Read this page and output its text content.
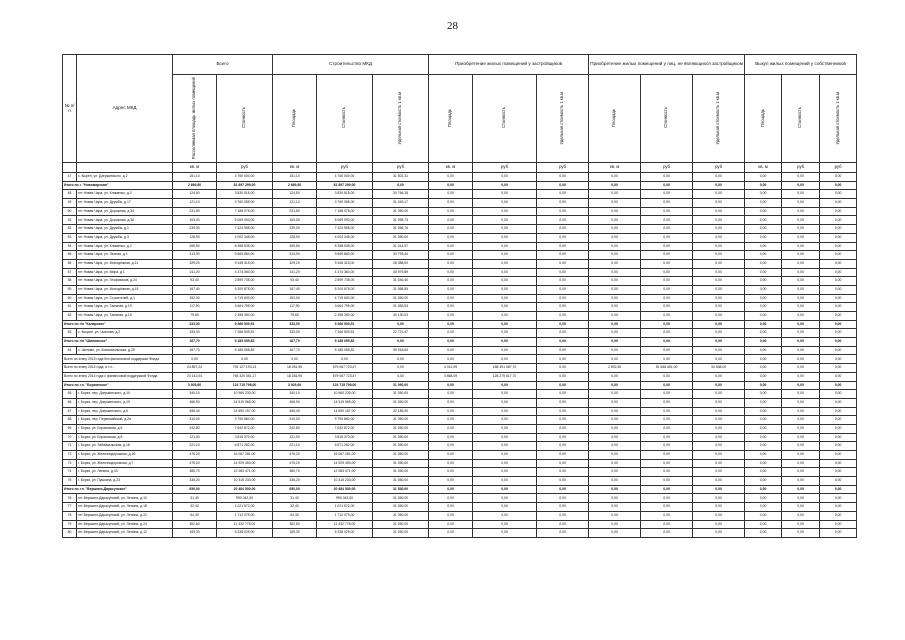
28
№ п/п	Адрес МКД	Всего		Строительство МКД			Приобретение жилых помещений у застройщиков			Приобретение жилых помещений у лиц, не являющихся застройщиком			Выкуп жилых помещений у собственников		
		Расселяемая площадь жилых помещений	Стоимость	Площадь	Стоимость	Удельная стоимость 1 кв.м	Площадь	Стоимость	Удельная стоимость 1 кв.м	Площадь	Стоимость	Удельная стоимость 1 кв.м	Площадь	Стоимость	Удельная стоимость 1 кв.м
		кв. м	руб	кв. м	руб	руб	кв. м	руб	руб	кв. м	руб	руб	кв. м	руб	руб
47	с. Кырен, ул. Дзержинского, д.2	151,10	4 760 000,00	151,10	4 760 000,00	31 502,31	0,00	0,00	0,00	0,00	0,00	0,00	0,00	0,00	0,00
Итого по г. "Новомирская"		2 669,80	81 897 299,00	2 669,80	81 897 299,00	0,00	0,00	0,00	0,00	0,00	0,00	0,00	0,00	0,00	0,00
48	пгт Новая Чара, ул. Клименко, д.2	124,50	3 830 515,00	124,50	3 830 515,00	30 766,18	0,00	0,00	0,00	0,00	0,00	0,00	0,00	0,00	0,00
49	пгт Новая Чара, ул. Дружбы, д.17	121,10	3 760 055,00	121,10	3 760 055,00	31 049,17	0,00	0,00	0,00	0,00	0,00	0,00	0,00	0,00	0,00
50	пгт Новая Чара, ул. Дорожная, д.34	231,50	7 188 075,00	231,50	7 188 075,00	31 050,00	0,00	0,00	0,00	0,00	0,00	0,00	0,00	0,00	0,00
51	пгт Новая Чара, ул. Дорожная, д.36	163,00	5 069 093,00	163,00	5 069 093,00	31 098,73	0,00	0,00	0,00	0,00	0,00	0,00	0,00	0,00	0,00
52	пгт Новая Чара, ул. Дружбы, д.1	239,00	7 424 955,00	239,00	7 424 955,00	31 066,76	0,00	0,00	0,00	0,00	0,00	0,00	0,00	0,00	0,00
53	пгт Новая Чара, ул. Дружбы, д.3	128,90	4 002 345,00	128,90	4 002 345,00	31 050,00	0,00	0,00	0,00	0,00	0,00	0,00	0,00	0,00	0,00
54	пгт Новая Чара, ул. Клименко, д.2	269,50	8 358 535,00	269,50	8 358 535,00	31 014,97	0,00	0,00	0,00	0,00	0,00	0,00	0,00	0,00	0,00
55	пгт Новая Чара, ул. Лесная, д.1	313,90	9 665 860,00	313,90	9 665 860,00	30 793,44	0,00	0,00	0,00	0,00	0,00	0,00	0,00	0,00	0,00
56	пгт Новая Чара, ул. Молодёжная, д.11	329,20	9 345 315,00	329,20	9 345 315,00	28 388,00	0,00	0,00	0,00	0,00	0,00	0,00	0,00	0,00	0,00
57	пгт Новая Чара, ул. Мира, д.1	141,20	4 374 360,00	141,20	4 374 360,00	30 979,89	0,00	0,00	0,00	0,00	0,00	0,00	0,00	0,00	0,00
58	пгт Новая Чара, ул. Геофизиков, д.24	93,40	2 899 735,00	93,40	2 899 735,00	31 046,40	0,00	0,00	0,00	0,00	0,00	0,00	0,00	0,00	0,00
59	пгт Новая Чара, ул. Молодёжная, д.15	167,40	5 200 875,00	167,40	5 200 875,00	31 068,55	0,00	0,00	0,00	0,00	0,00	0,00	0,00	0,00	0,00
60	пгт Новая Чара, ул. Строителей, д.1	152,00	4 719 600,00	152,00	4 719 600,00	31 050,00	0,00	0,00	0,00	0,00	0,00	0,00	0,00	0,00	0,00
61	пгт Новая Чара, ул. Таежная, д.19	117,90	3 664 795,00	117,90	3 664 795,00	31 083,93	0,00	0,00	0,00	0,00	0,00	0,00	0,00	0,00	0,00
62	пгт Новая Чара, ул. Таежная, д.15	79,60	2 398 350,00	79,60	2 398 350,00	30 130,03	0,00	0,00	0,00	0,00	0,00	0,00	0,00	0,00	0,00
Итого по г/п "Каларское"		333,00	9 366 509,51	333,00	9 366 509,51	0,00	0,00	0,00	0,00	0,00	0,00	0,00	0,00	0,00	0,00
63	с. Кыцаге, ул. Чкалова, д.2	333,00	7 266 509,51	333,00	7 266 509,51	22 721,47	0,00	0,00	0,00	0,00	0,00	0,00	0,00	0,00	0,00
Итого по г/п "Шиловское"		167,70	5 185 055,82	167,70	5 185 055,82	0,00	0,00	0,00	0,00	0,00	0,00	0,00	0,00	0,00	0,00
64	с. Шилово, ул. Комсомольская, д.25	167,70	5 185 055,82	167,70	5 185 055,82	30 918,63	0,00	0,00	0,00	0,00	0,00	0,00	0,00	0,00	0,00
Всего по этапу 2015 года без финансовой поддержки Фонда		0,00	0,00	0,00	0,00	0,00	0,00	0,00	0,00	0,00	0,00	0,00	0,00	0,00	0,00
Всего по этапу 2014 года, в т.ч.:		24 857,24	792 127 193,13	18 281,95	579 067 723,47	0,00	4 012,09	188 491 087,70	0,00	2 592,30	51 648 451,00	34 538,00	0,00	0,00	0,00
Всего по этапу 2014 года с финансовой поддержкой Фонда		23 142,04	765 320 351,17	18 281,95	579 067 723,47	0,00	3 868,09	128 279 617,70	0,00	0,00	0,00	0,00	0,00	0,00	0,00
Итого по г.п. "Борзинское"		3 929,60	124 715 798,00	3 929,60	124 715 798,00	31 050,00	0,00	0,00	0,00	0,00	0,00	0,00	0,00	0,00	0,00
65	г. Борзя, пер. Дзержинского, д.10	340,10	10 960 230,00	340,10	10 960 230,00	31 050,00	0,00	0,00	0,00	0,00	0,00	0,00	0,00	0,00	0,00
66	г. Борзя, пер. Дзержинского, д.19	466,90	14 519 565,00	466,90	14 519 565,00	31 050,00	0,00	0,00	0,00	0,00	0,00	0,00	0,00	0,00	0,00
67	г. Борзя, пер. Дзержинского, д.6	456,40	14 690 157,00	456,40	14 690 157,00	32 186,00	0,00	0,00	0,00	0,00	0,00	0,00	0,00	0,00	0,00
68	г. Борзя, пер. Первомайский, д.2а	310,00	9 790 860,00	310,00	9 790 860,00	31 050,00	0,00	0,00	0,00	0,00	0,00	0,00	0,00	0,00	0,00
69	г. Борзя, ул. Борзинская, д.6	242,80	7 642 872,00	242,80	7 642 872,00	31 050,00	0,00	0,00	0,00	0,00	0,00	0,00	0,00	0,00	0,00
70	г. Борзя, ул. Борзинская, д.8	121,00	3 815 370,00	121,00	3 815 370,00	31 050,00	0,00	0,00	0,00	0,00	0,00	0,00	0,00	0,00	0,00
71	г. Борзя, ул. Забайкальская, д.18	221,10	6 871 282,00	221,10	6 871 282,00	31 050,00	0,00	0,00	0,00	0,00	0,00	0,00	0,00	0,00	0,00
72	г. Борзя, ул. Железнодорожная, д.26	476,20	16 067 281,00	476,20	16 067 281,00	31 050,00	0,00	0,00	0,00	0,00	0,00	0,00	0,00	0,00	0,00
73	г. Борзя, ул. Железнодорожная, д.7	475,20	14 929 453,00	475,20	14 929 453,00	31 050,00	0,00	0,00	0,00	0,00	0,00	0,00	0,00	0,00	0,00
74	г. Борзя, ул. Ленина, д.43	380,70	12 083 471,00	380,70	12 083 471,00	31 050,00	0,00	0,00	0,00	0,00	0,00	0,00	0,00	0,00	0,00
75	г. Борзя, ул. Пушкина, д.23	335,20	10 315 233,00	335,20	10 315 233,00	31 050,00	0,00	0,00	0,00	0,00	0,00	0,00	0,00	0,00	0,00
Итого по г.п. "Вершино-Дарасунское"		650,00	20 484 500,00	650,00	20 484 500,00	31 530,00	0,00	0,00	0,00	0,00	0,00	0,00	0,00	0,00	0,00
76	пгт Вершино-Дарасунский, ул. Ленина, д.10	31,40	990 042,00	31,40	990 042,00	31 050,00	0,00	0,00	0,00	0,00	0,00	0,00	0,00	0,00	0,00
77	пгт Вершино-Дарасунский, ул. Ленина, д.18	32,40	1 021 572,00	32,40	1 021 572,00	31 050,00	0,00	0,00	0,00	0,00	0,00	0,00	0,00	0,00	0,00
78	пгт Вершино-Дарасунский, ул. Ленина, д.22	54,30	1 712 079,00	54,30	1 712 079,00	31 050,00	0,00	0,00	0,00	0,00	0,00	0,00	0,00	0,00	0,00
79	пгт Вершино-Дарасунский, ул. Ленина, д.24	362,60	11 432 778,00	362,60	11 432 778,00	31 050,00	0,00	0,00	0,00	0,00	0,00	0,00	0,00	0,00	0,00
80	пгт Вершино-Дарасунский, ул. Ленина, д.12	169,30	5 338 029,00	169,30	5 338 029,00	31 050,00	0,00	0,00	0,00	0,00	0,00	0,00	0,00	0,00	0,00
